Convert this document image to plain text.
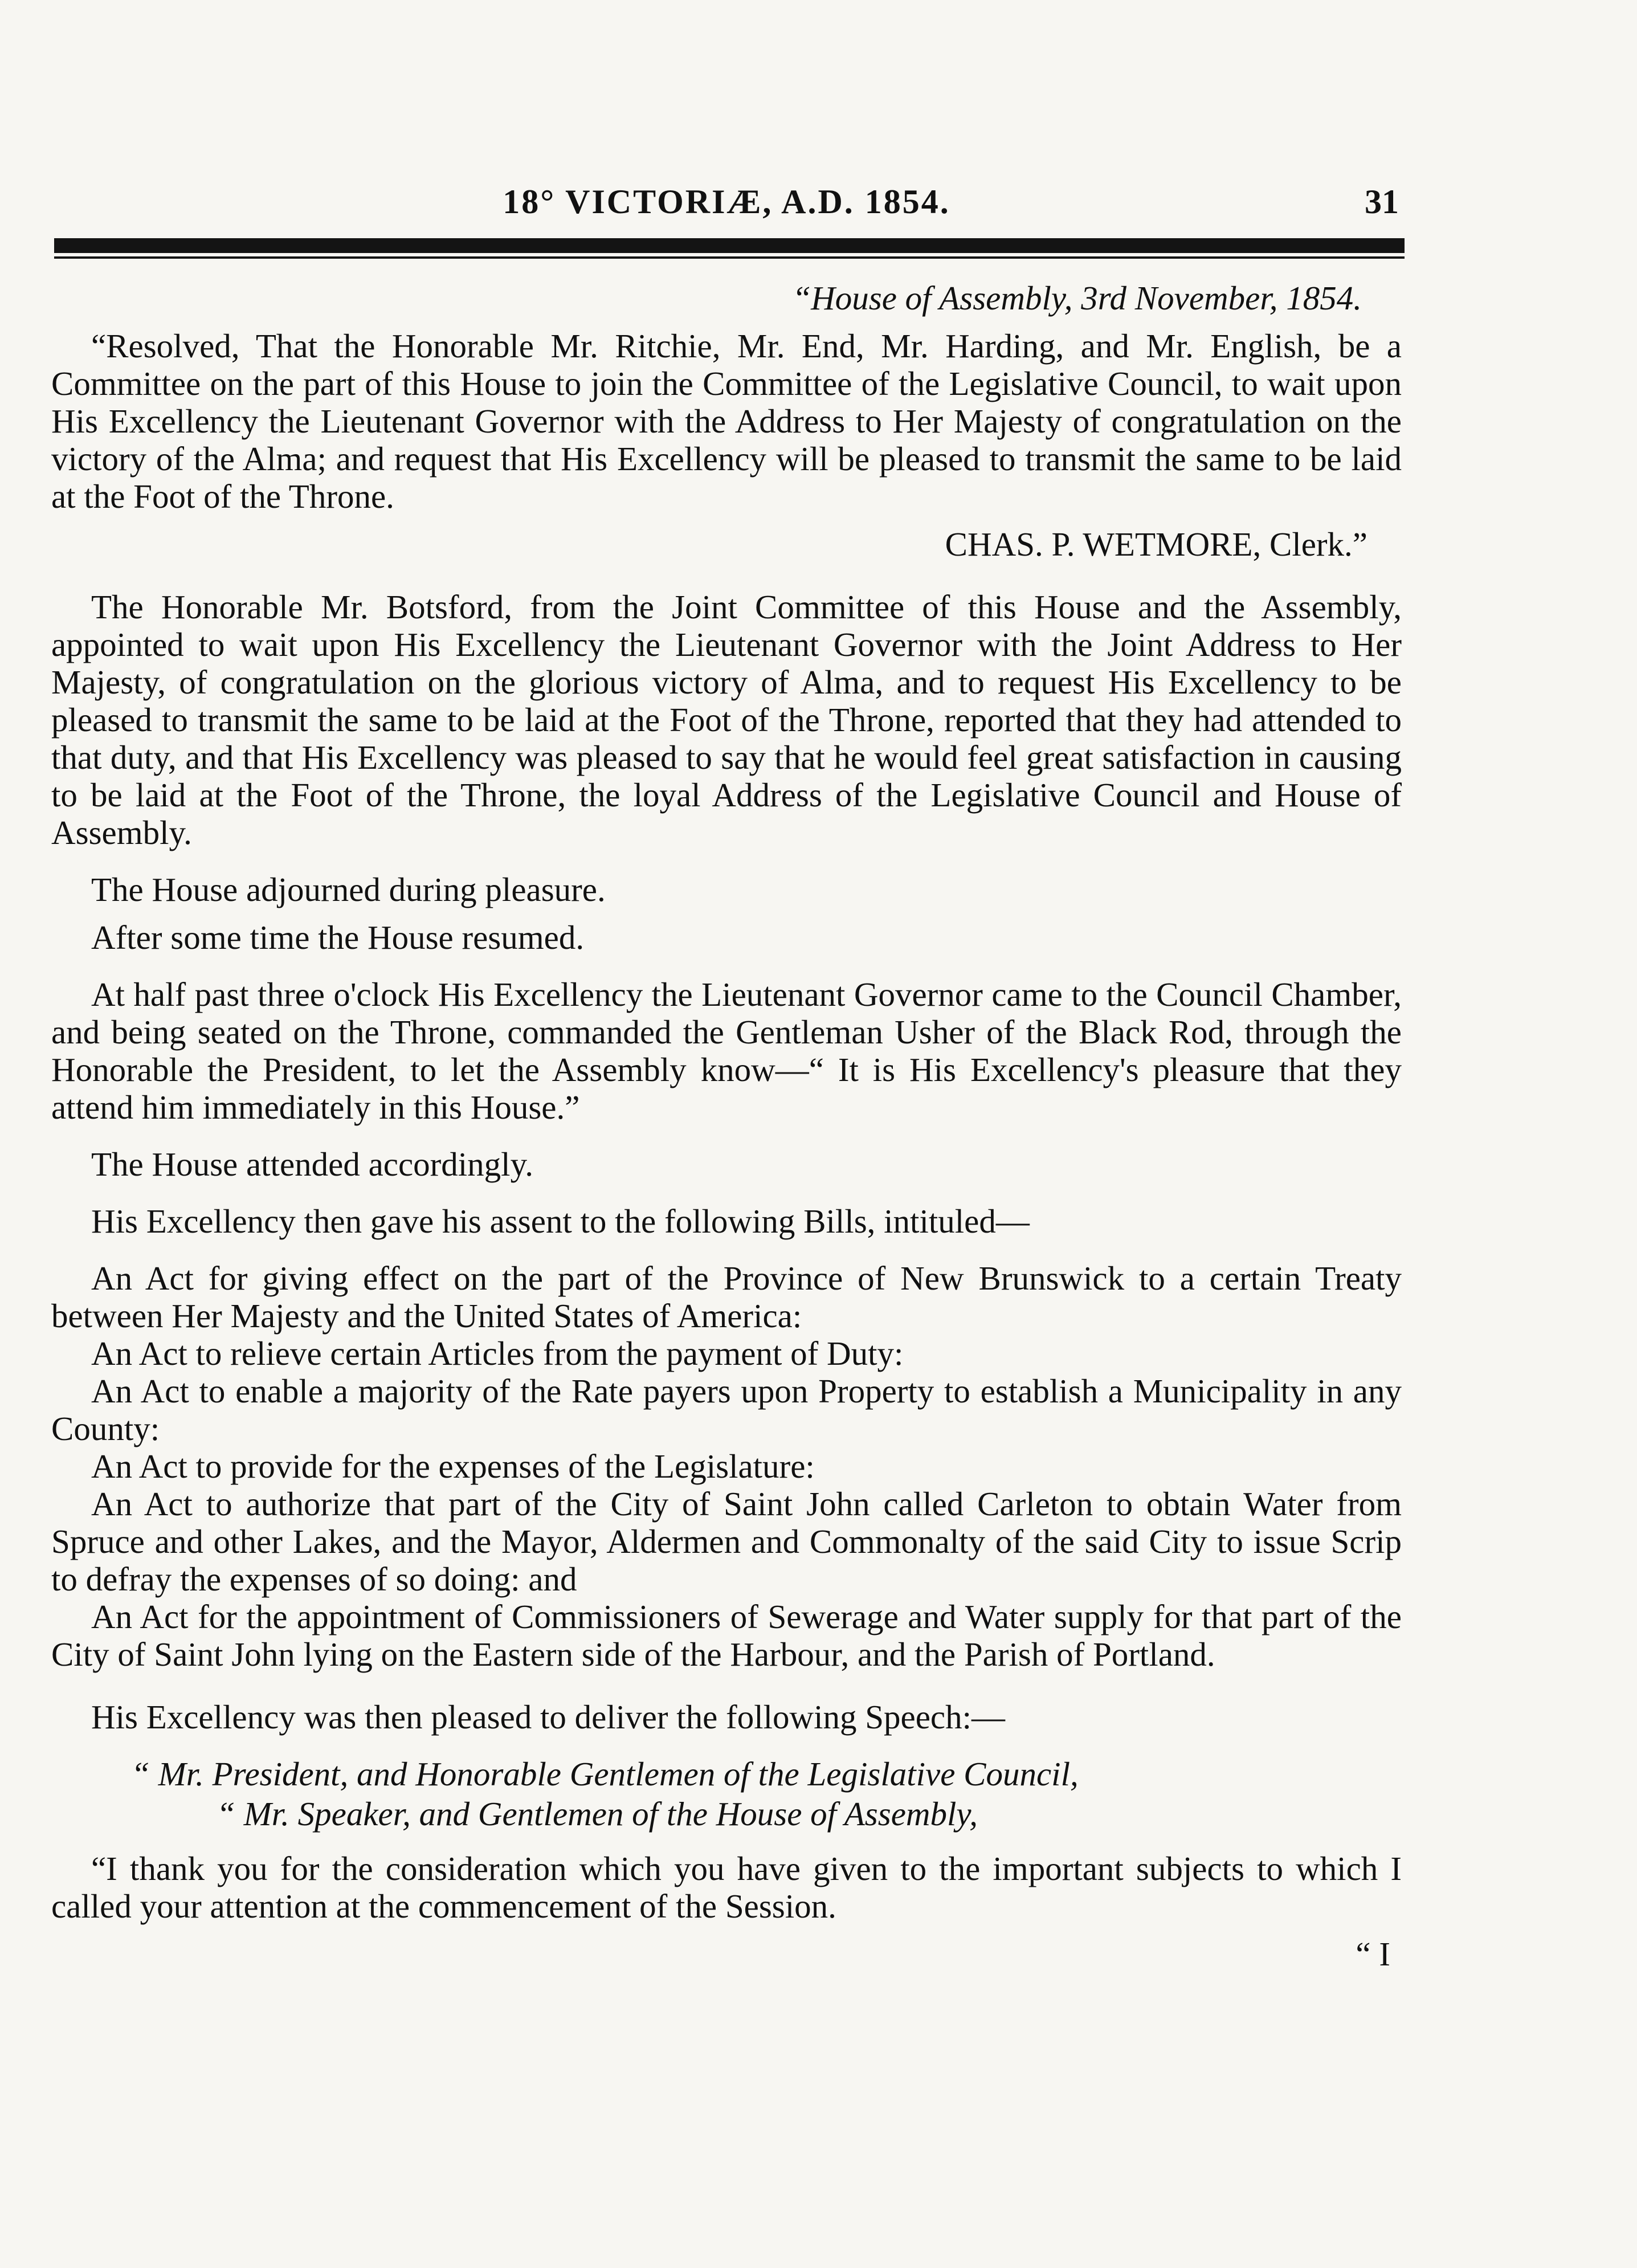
18° VICTORIÆ, A.D. 1854.	31

“House of Assembly, 3rd November, 1854.

“Resolved, That the Honorable Mr. Ritchie, Mr. End, Mr. Harding, and Mr. English, be a Committee on the part of this House to join the Committee of the Legislative Council, to wait upon His Excellency the Lieutenant Governor with the Address to Her Majesty of congratulation on the victory of the Alma; and request that His Excellency will be pleased to transmit the same to be laid at the Foot of the Throne.

CHAS. P. WETMORE, Clerk.”

The Honorable Mr. Botsford, from the Joint Committee of this House and the Assembly, appointed to wait upon His Excellency the Lieutenant Governor with the Joint Address to Her Majesty, of congratulation on the glorious victory of Alma, and to request His Excellency to be pleased to transmit the same to be laid at the Foot of the Throne, reported that they had attended to that duty, and that His Excellency was pleased to say that he would feel great satisfaction in causing to be laid at the Foot of the Throne, the loyal Address of the Legislative Council and House of Assembly.

The House adjourned during pleasure.

After some time the House resumed.

At half past three o'clock His Excellency the Lieutenant Governor came to the Council Chamber, and being seated on the Throne, commanded the Gentleman Usher of the Black Rod, through the Honorable the President, to let the Assembly know—“ It is His Excellency's pleasure that they attend him immediately in this House.”

The House attended accordingly.

His Excellency then gave his assent to the following Bills, intituled—

An Act for giving effect on the part of the Province of New Brunswick to a certain Treaty between Her Majesty and the United States of America:

An Act to relieve certain Articles from the payment of Duty:

An Act to enable a majority of the Rate payers upon Property to establish a Municipality in any County:

An Act to provide for the expenses of the Legislature:

An Act to authorize that part of the City of Saint John called Carleton to obtain Water from Spruce and other Lakes, and the Mayor, Aldermen and Commonalty of the said City to issue Scrip to defray the expenses of so doing: and

An Act for the appointment of Commissioners of Sewerage and Water supply for that part of the City of Saint John lying on the Eastern side of the Harbour, and the Parish of Portland.

His Excellency was then pleased to deliver the following Speech:—

“ Mr. President, and Honorable Gentlemen of the Legislative Council,

“ Mr. Speaker, and Gentlemen of the House of Assembly,

“I thank you for the consideration which you have given to the important subjects to which I called your attention at the commencement of the Session.

“ I
